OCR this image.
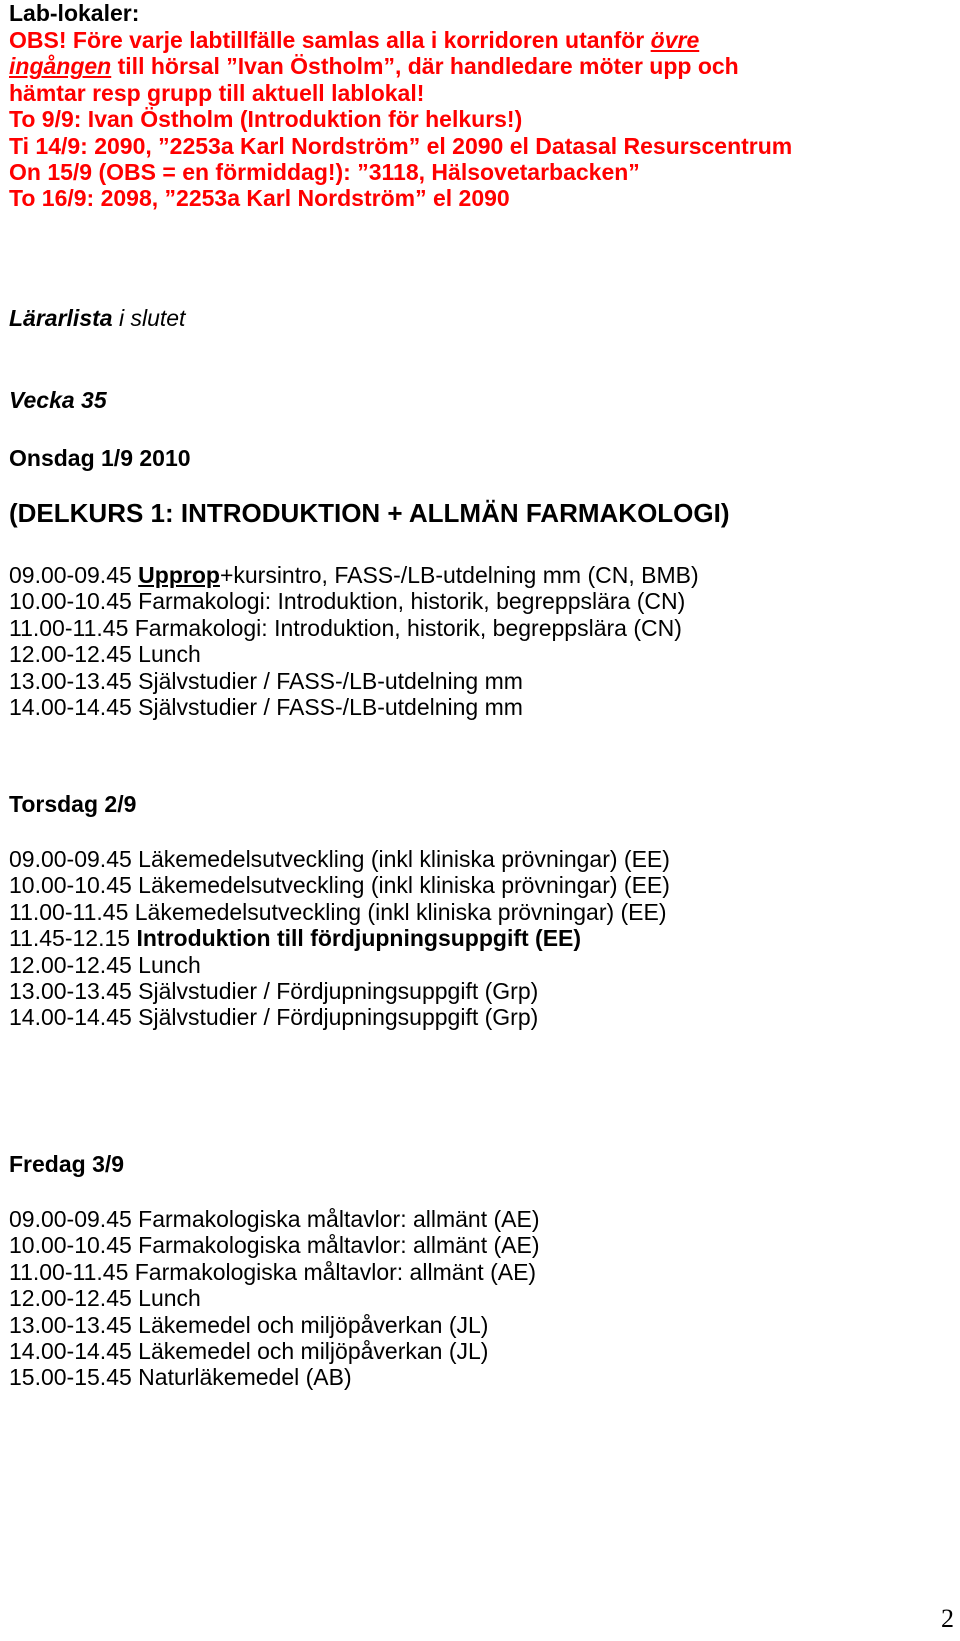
Lab-lokaler:
OBS! Före varje labtillfälle samlas alla i korridoren utanför övre
ingången till hörsal ”Ivan Östholm”, där handledare möter upp och
hämtar resp grupp till aktuell lablokal!
To 9/9: Ivan Östholm (Introduktion för helkurs!)
Ti 14/9: 2090, ”2253a Karl Nordström” el 2090 el Datasal Resurscentrum
On 15/9 (OBS = en förmiddag!): ”3118, Hälsovetarbacken”
To 16/9: 2098, ”2253a Karl Nordström” el 2090
Lärarlista i slutet
Vecka 35
Onsdag 1/9 2010
(DELKURS 1: INTRODUKTION + ALLMÄN FARMAKOLOGI)
09.00-09.45 Upprop+kursintro, FASS-/LB-utdelning mm (CN, BMB)
10.00-10.45 Farmakologi: Introduktion, historik, begreppslära (CN)
11.00-11.45 Farmakologi: Introduktion, historik, begreppslära (CN)
12.00-12.45 Lunch
13.00-13.45 Självstudier / FASS-/LB-utdelning mm
14.00-14.45 Självstudier / FASS-/LB-utdelning mm
Torsdag 2/9
09.00-09.45 Läkemedelsutveckling (inkl kliniska prövningar) (EE)
10.00-10.45 Läkemedelsutveckling (inkl kliniska prövningar) (EE)
11.00-11.45 Läkemedelsutveckling (inkl kliniska prövningar) (EE)
11.45-12.15 Introduktion till fördjupningsuppgift (EE)
12.00-12.45 Lunch
13.00-13.45 Självstudier / Fördjupningsuppgift (Grp)
14.00-14.45 Självstudier / Fördjupningsuppgift (Grp)
Fredag 3/9
09.00-09.45 Farmakologiska måltavlor: allmänt (AE)
10.00-10.45 Farmakologiska måltavlor: allmänt (AE)
11.00-11.45 Farmakologiska måltavlor: allmänt (AE)
12.00-12.45 Lunch
13.00-13.45 Läkemedel och miljöpåverkan (JL)
14.00-14.45 Läkemedel och miljöpåverkan (JL)
15.00-15.45 Naturläkemedel (AB)
2
